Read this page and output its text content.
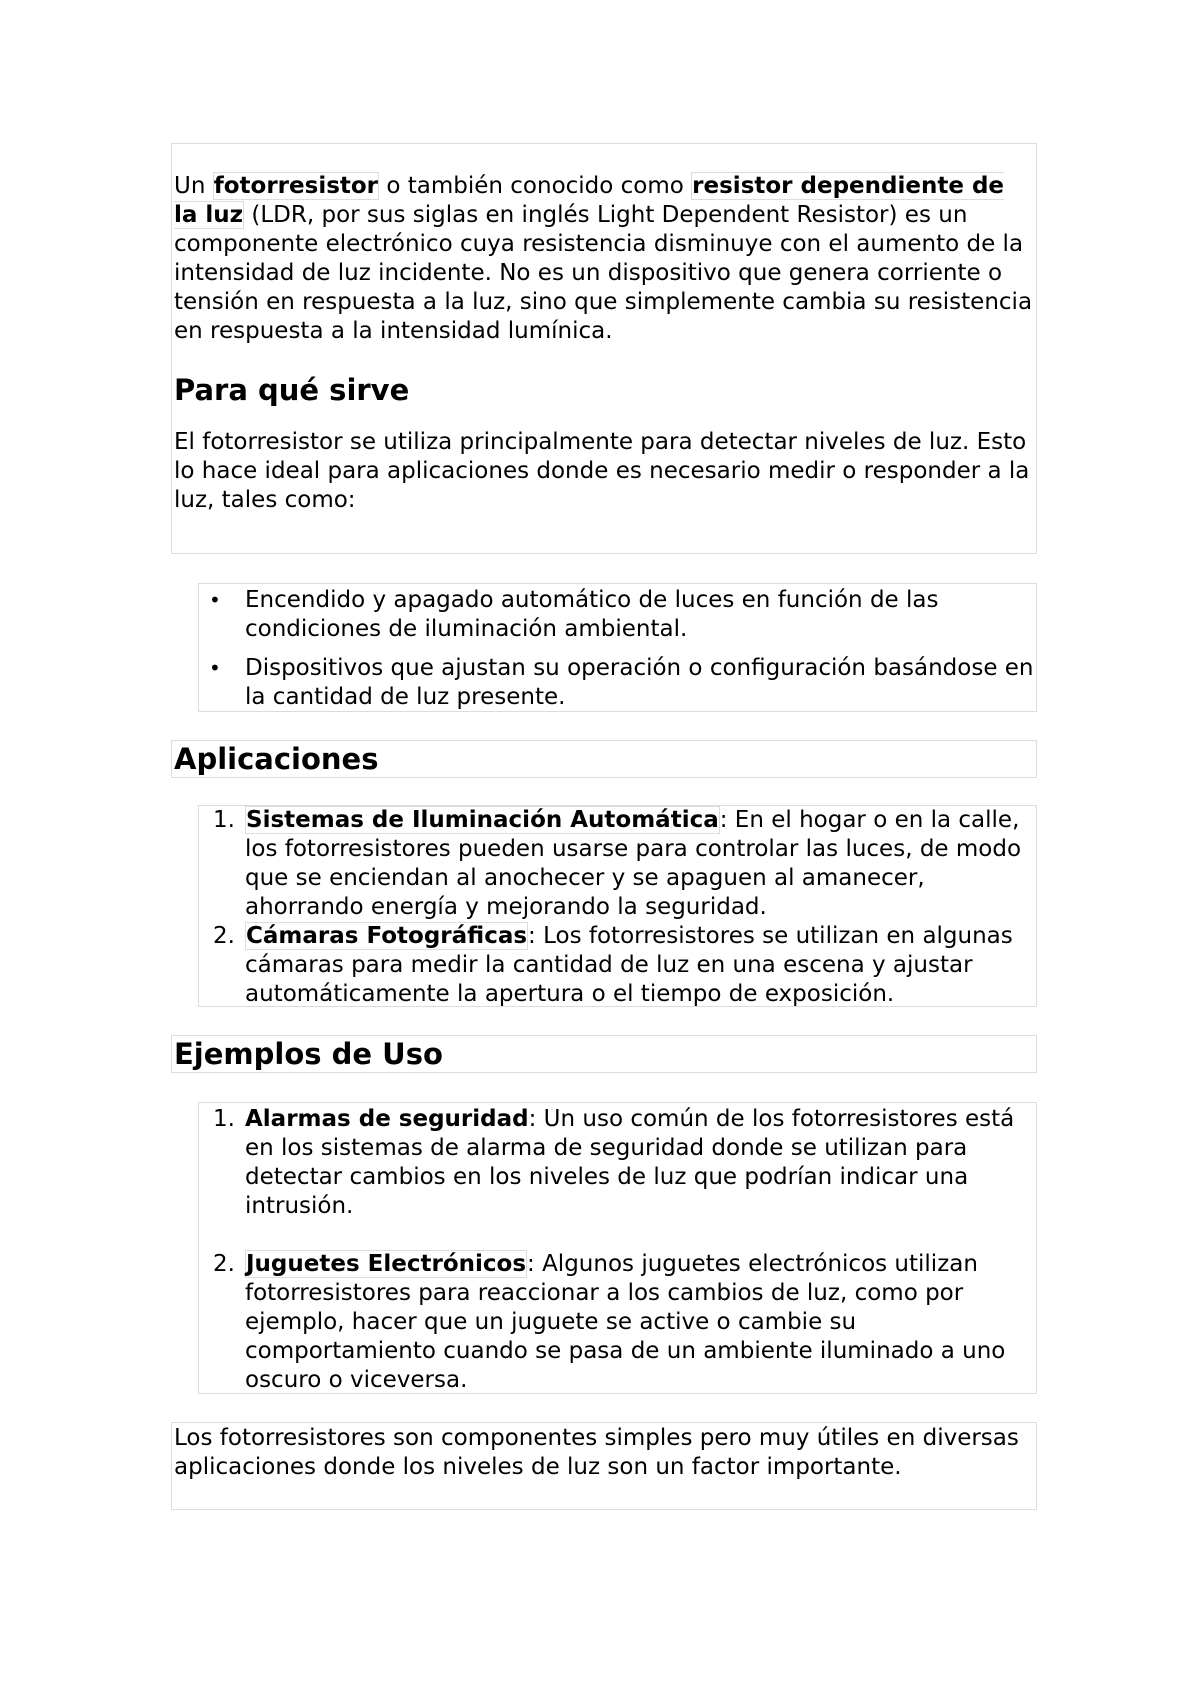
Un fotorresistor o también conocido como resistor dependiente de la luz (LDR, por sus siglas en inglés Light Dependent Resistor) es un componente electrónico cuya resistencia disminuye con el aumento de la intensidad de luz incidente. No es un dispositivo que genera corriente o tensión en respuesta a la luz, sino que simplemente cambia su resistencia en respuesta a la intensidad lumínica.

Para qué sirve

El fotorresistor se utiliza principalmente para detectar niveles de luz. Esto lo hace ideal para aplicaciones donde es necesario medir o responder a la luz, tales como:

• Encendido y apagado automático de luces en función de las condiciones de iluminación ambiental.
• Dispositivos que ajustan su operación o configuración basándose en la cantidad de luz presente.
Aplicaciones
1. Sistemas de Iluminación Automática: En el hogar o en la calle, los fotorresistores pueden usarse para controlar las luces, de modo que se enciendan al anochecer y se apaguen al amanecer, ahorrando energía y mejorando la seguridad.
2. Cámaras Fotográficas: Los fotorresistores se utilizan en algunas cámaras para medir la cantidad de luz en una escena y ajustar automáticamente la apertura o el tiempo de exposición.
Ejemplos de Uso
1. Alarmas de seguridad: Un uso común de los fotorresistores está en los sistemas de alarma de seguridad donde se utilizan para detectar cambios en los niveles de luz que podrían indicar una intrusión.
2. Juguetes Electrónicos: Algunos juguetes electrónicos utilizan fotorresistores para reaccionar a los cambios de luz, como por ejemplo, hacer que un juguete se active o cambie su comportamiento cuando se pasa de un ambiente iluminado a uno oscuro o viceversa.

Los fotorresistores son componentes simples pero muy útiles en diversas aplicaciones donde los niveles de luz son un factor importante.
